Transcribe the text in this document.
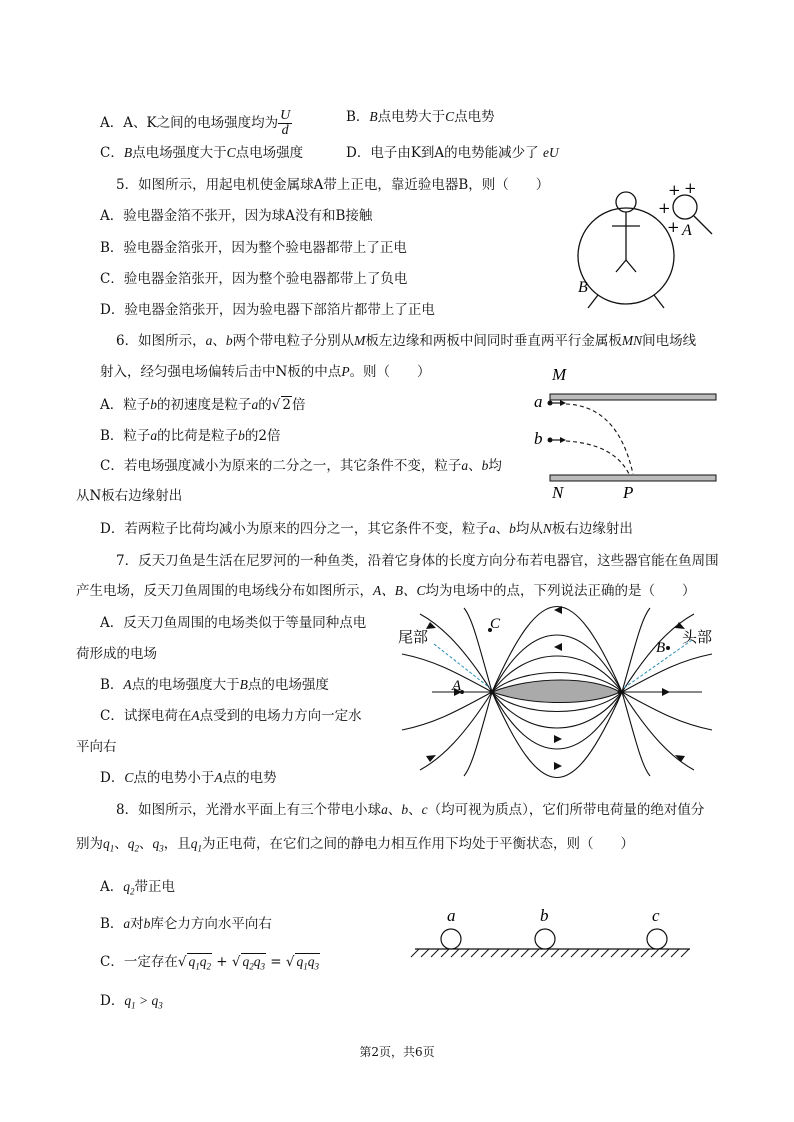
A．A、K之间的电场强度均为 $\frac{U}{d}$	B．B点电势大于C点电势
C．B点电场强度大于C点电场强度	D．电子由K到A的电势能减少了 eU
5．如图所示，用起电机使金属球A带上正电，靠近验电器B，则（　　）
A．验电器金箔不张开，因为球A没有和B接触
B．验电器金箔张开，因为整个验电器都带上了正电
C．验电器金箔张开，因为整个验电器都带上了负电
D．验电器金箔张开，因为验电器下部箔片都带上了正电
+ +
+
+ A
B
6．如图所示，a、b两个带电粒子分别从M板左边缘和两板中间同时垂直两平行金属板MN间电场线
射入，经匀强电场偏转后击中N板的中点P。则（　　）
A．粒子b的初速度是粒子a的√ 2倍
B．粒子a的比荷是粒子b的2倍
C．若电场强度减小为原来的二分之一，其它条件不变，粒子a、b均
从N板右边缘射出
D．若两粒子比荷均减小为原来的四分之一，其它条件不变，粒子a、b均从N板右边缘射出
M
a
b
N	P
7．反天刀鱼是生活在尼罗河的一种鱼类，沿着它身体的长度方向分布若电器官，这些器官能在鱼周围
产生电场，反天刀鱼周围的电场线分布如图所示，A、B、C均为电场中的点，下列说法正确的是（　　）
A．反天刀鱼周围的电场类似于等量同种点电
荷形成的电场
B．A点的电场强度大于B点的电场强度
C．试探电荷在A点受到的电场力方向一定水
平向右
D．C点的电势小于A点的电势
尾部	头部
A
C
B
8．如图所示，光滑水平面上有三个带电小球a、b、c（均可视为质点），它们所带电荷量的绝对值分
别为$q_1$、$q_2$、$q_3$，且$q_1$为正电荷，在它们之间的静电力相互作用下均处于平衡状态，则（　　）
A．$q_2$带正电
B．a对b库仑力方向水平向右
C．一定存在√ $q_1q_2$ + √ $q_2q_3$ = √ $q_1q_3$
D．$q_1 > q_3$
a	b	c
第2页，共6页
